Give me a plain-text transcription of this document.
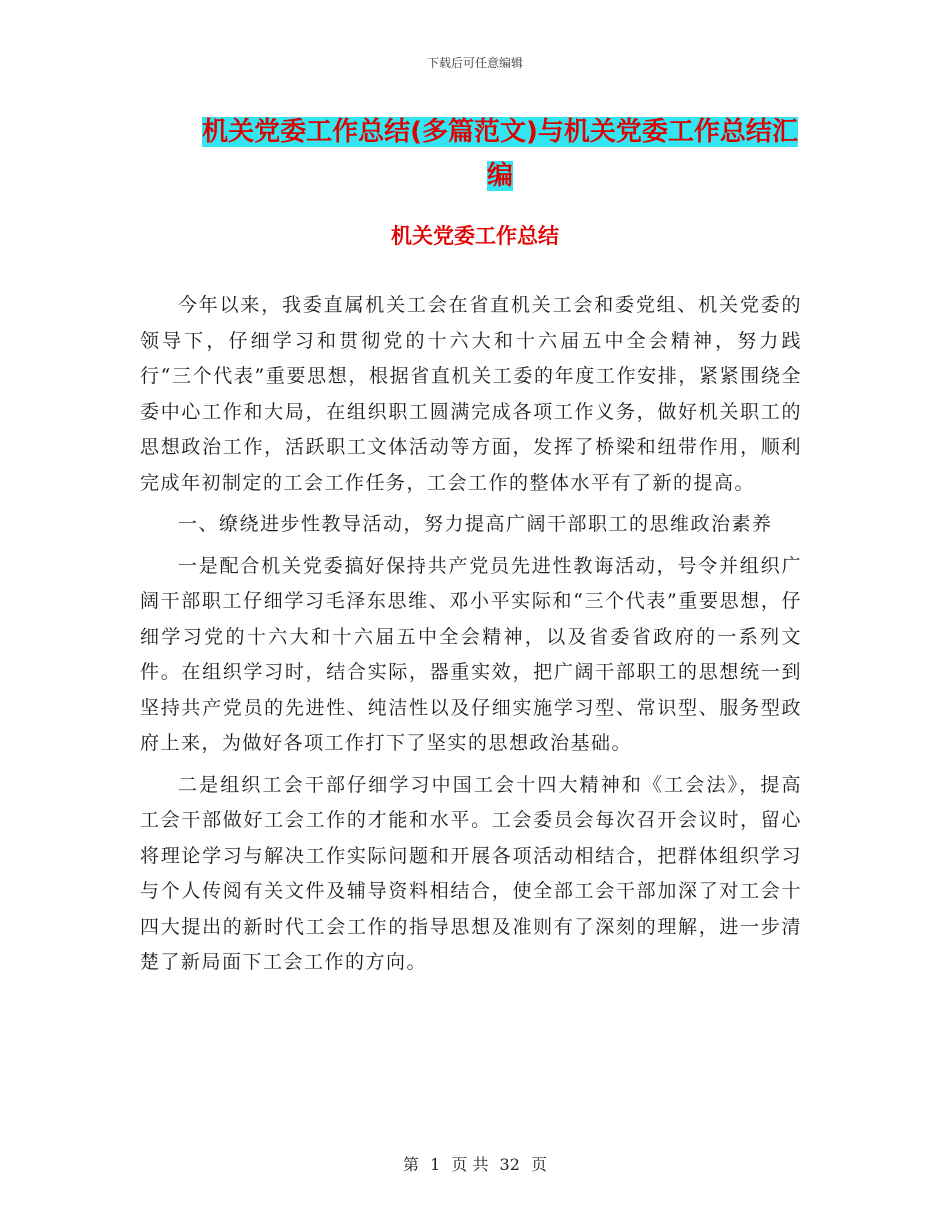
下载后可任意编辑
机关党委工作总结(多篇范文)与机关党委工作总结汇编
机关党委工作总结

今年以来，我委直属机关工会在省直机关工会和委党组、机关党委的领导下，仔细学习和贯彻党的十六大和十六届五中全会精神，努力践行“三个代表”重要思想，根据省直机关工委的年度工作安排，紧紧围绕全委中心工作和大局，在组织职工圆满完成各项工作义务，做好机关职工的思想政治工作，活跃职工文体活动等方面，发挥了桥梁和纽带作用，顺利完成年初制定的工会工作任务，工会工作的整体水平有了新的提高。

一、缭绕进步性教导活动，努力提高广阔干部职工的思维政治素养

一是配合机关党委搞好保持共产党员先进性教诲活动，号令并组织广阔干部职工仔细学习毛泽东思维、邓小平实际和“三个代表”重要思想，仔细学习党的十六大和十六届五中全会精神，以及省委省政府的一系列文件。在组织学习时，结合实际，器重实效，把广阔干部职工的思想统一到坚持共产党员的先进性、纯洁性以及仔细实施学习型、常识型、服务型政府上来，为做好各项工作打下了坚实的思想政治基础。

二是组织工会干部仔细学习中国工会十四大精神和《工会法》，提高工会干部做好工会工作的才能和水平。工会委员会每次召开会议时，留心将理论学习与解决工作实际问题和开展各项活动相结合，把群体组织学习与个人传阅有关文件及辅导资料相结合，使全部工会干部加深了对工会十四大提出的新时代工会工作的指导思想及准则有了深刻的理解，进一步清楚了新局面下工会工作的方向。

第 1 页 共 32 页
